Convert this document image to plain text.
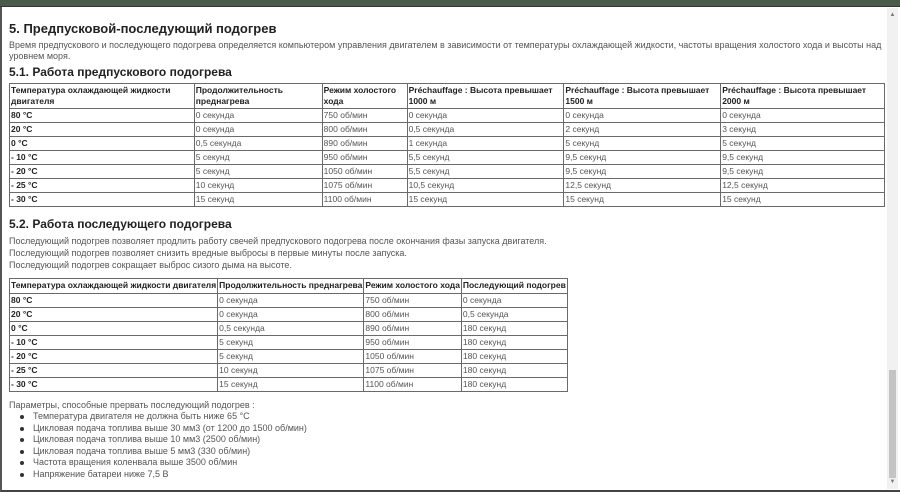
5. Предпусковой-последующий подогрев

Время предпускового и последующего подогрева определяется компьютером управления двигателем в зависимости от температуры охлаждающей жидкости, частоты вращения холостого хода и высоты над уровнем моря.

5.1. Работа предпускового подогрева
Температура охлаждающей жидкости двигателя	Продолжительность преднагрева	Режим холостого хода	Préchauffage : Высота превышает 1000 м	Préchauffage : Высота превышает 1500 м	Préchauffage : Высота превышает 2000 м
80 °C	0 секунда	750 об/мин	0 секунда	0 секунда	0 секунда
20 °C	0 секунда	800 об/мин	0,5 секунда	2 секунд	3 секунд
0 °C	0,5 секунда	890 об/мин	1 секунда	5 секунд	5 секунд
- 10 °C	5 секунд	950 об/мин	5,5 секунд	9,5 секунд	9,5 секунд
- 20 °C	5 секунд	1050 об/мин	5,5 секунд	9,5 секунд	9,5 секунд
- 25 °C	10 секунд	1075 об/мин	10,5 секунд	12,5 секунд	12,5 секунд
- 30 °C	15 секунд	1100 об/мин	15 секунд	15 секунд	15 секунд
5.2. Работа последующего подогрева

Последующий подогрев позволяет продлить работу свечей предпускового подогрева после окончания фазы запуска двигателя.

Последующий подогрев позволяет снизить вредные выбросы в первые минуты после запуска.

Последующий подогрев сокращает выброс сизого дыма на высоте.

Температура охлаждающей жидкости двигателя	Продолжительность преднагрева	Режим холостого хода	Последующий подогрев
80 °C	0 секунда	750 об/мин	0 секунда
20 °C	0 секунда	800 об/мин	0,5 секунда
0 °C	0,5 секунда	890 об/мин	180 секунд
- 10 °C	5 секунд	950 об/мин	180 секунд
- 20 °C	5 секунд	1050 об/мин	180 секунд
- 25 °C	10 секунд	1075 об/мин	180 секунд
- 30 °C	15 секунд	1100 об/мин	180 секунд

Параметры, способные прервать последующий подогрев :

Температура двигателя не должна быть ниже 65 °C
Цикловая подача топлива выше 30 мм3 (от 1200 до 1500 об/мин)
Цикловая подача топлива выше 10 мм3 (2500 об/мин)
Цикловая подача топлива выше 5 мм3 (330 об/мин)
Частота вращения коленвала выше 3500 об/мин
Напряжение батареи ниже 7,5 В
▲
▼
